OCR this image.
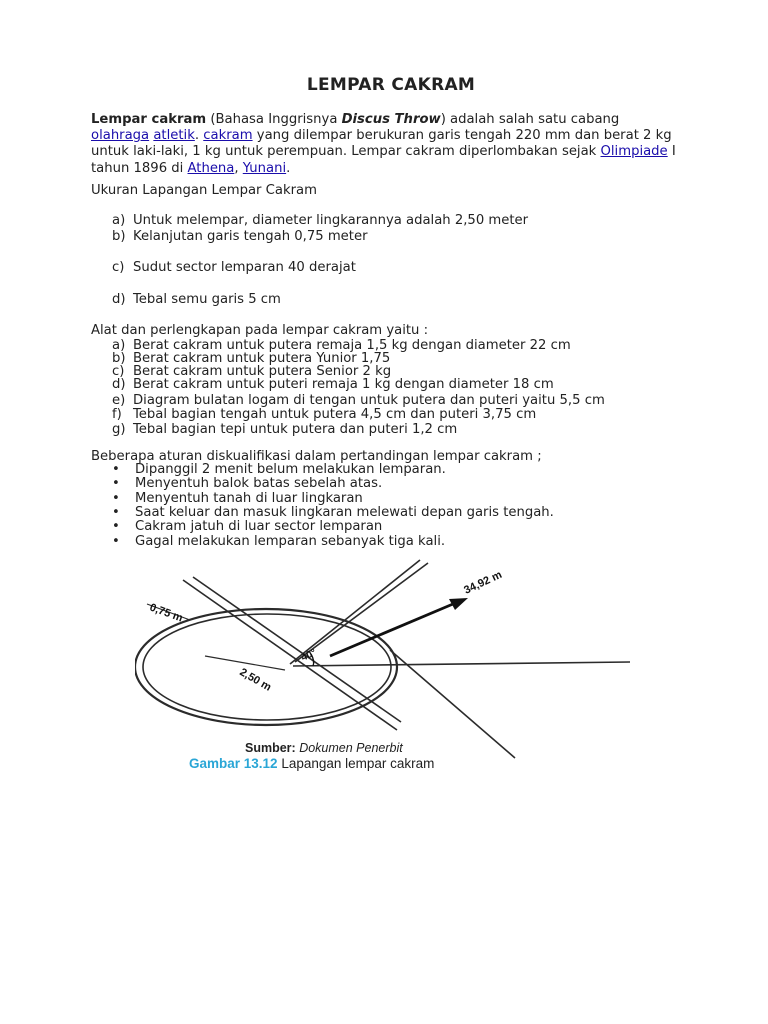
LEMPAR CAKRAM

Lempar cakram (Bahasa Inggrisnya Discus Throw) adalah salah satu cabang
olahraga atletik. cakram yang dilempar berukuran garis tengah 220 mm dan berat 2 kg untuk laki-laki, 1 kg untuk perempuan. Lempar cakram diperlombakan sejak Olimpiade I tahun 1896 di Athena, Yunani.

Ukuran Lapangan Lempar Cakram
a) Untuk melempar, diameter lingkarannya adalah 2,50 meter
b) Kelanjutan garis tengah 0,75 meter
c) Sudut sector lemparan 40 derajat
d) Tebal semu garis 5 cm
Alat dan perlengkapan pada lempar cakram yaitu :
a) Berat cakram untuk putera remaja 1,5 kg dengan diameter 22 cm
b) Berat cakram untuk putera Yunior 1,75
c) Berat cakram untuk putera Senior 2 kg
d) Berat cakram untuk puteri remaja 1 kg dengan diameter 18 cm
e) Diagram bulatan logam di tengan untuk putera dan puteri yaitu 5,5 cm
f) Tebal bagian tengah untuk putera 4,5 cm dan puteri 3,75 cm
g) Tebal bagian tepi untuk putera dan puteri 1,2 cm
Beberapa aturan diskualifikasi dalam pertandingan lempar cakram ;
• Dipanggil 2 menit belum melakukan lemparan.
• Menyentuh balok batas sebelah atas.
• Menyentuh tanah di luar lingkaran
• Saat keluar dan masuk lingkaran melewati depan garis tengah.
• Cakram jatuh di luar sector lemparan
• Gagal melakukan lemparan sebanyak tiga kali.
0,75 m
2,50 m
40°
34,92 m
Sumber: Dokumen Penerbit
Gambar 13.12 Lapangan lempar cakram
